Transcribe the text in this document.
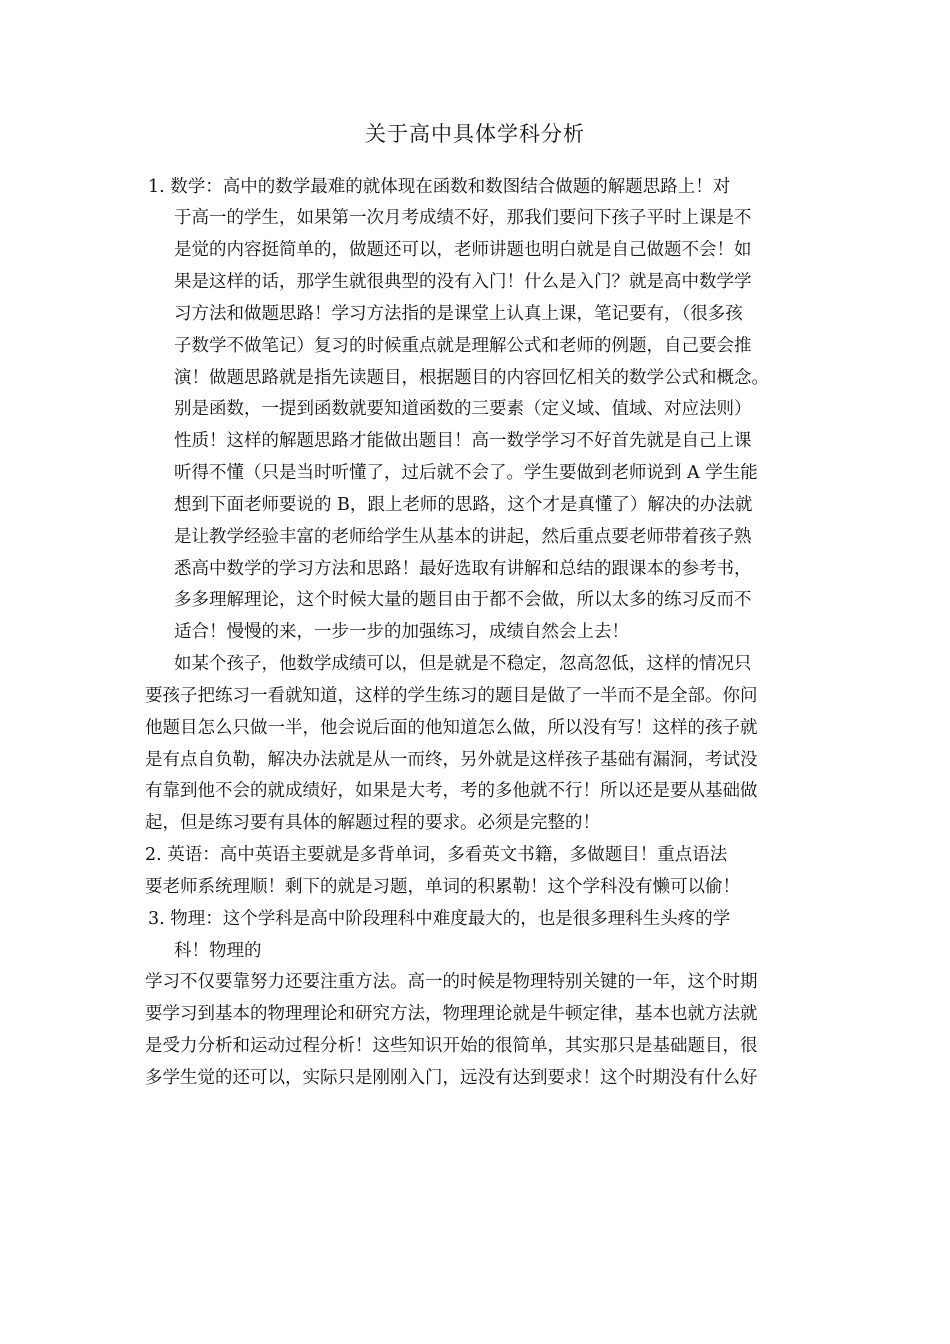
关于高中具体学科分析
1. 数学：高中的数学最难的就体现在函数和数图结合做题的解题思路上！对
于高一的学生，如果第一次月考成绩不好，那我们要问下孩子平时上课是不
是觉的内容挺简单的，做题还可以，老师讲题也明白就是自己做题不会！如
果是这样的话，那学生就很典型的没有入门！什么是入门？就是高中数学学
习方法和做题思路！学习方法指的是课堂上认真上课，笔记要有，（很多孩
子数学不做笔记）复习的时候重点就是理解公式和老师的例题，自己要会推
演！做题思路就是指先读题目，根据题目的内容回忆相关的数学公式和概念。
别是函数，一提到函数就要知道函数的三要素（定义域、值域、对应法则）
性质！这样的解题思路才能做出题目！高一数学学习不好首先就是自己上课
听得不懂（只是当时听懂了，过后就不会了。学生要做到老师说到 A 学生能
想到下面老师要说的 B，跟上老师的思路，这个才是真懂了）解决的办法就
是让教学经验丰富的老师给学生从基本的讲起，然后重点要老师带着孩子熟
悉高中数学的学习方法和思路！最好选取有讲解和总结的跟课本的参考书，
多多理解理论，这个时候大量的题目由于都不会做，所以太多的练习反而不
适合！慢慢的来，一步一步的加强练习，成绩自然会上去！
如某个孩子，他数学成绩可以，但是就是不稳定，忽高忽低，这样的情况只
要孩子把练习一看就知道，这样的学生练习的题目是做了一半而不是全部。你问
他题目怎么只做一半，他会说后面的他知道怎么做，所以没有写！这样的孩子就
是有点自负勒，解决办法就是从一而终，另外就是这样孩子基础有漏洞，考试没
有靠到他不会的就成绩好，如果是大考，考的多他就不行！所以还是要从基础做
起，但是练习要有具体的解题过程的要求。必须是完整的！
2. 英语：高中英语主要就是多背单词，多看英文书籍，多做题目！重点语法
要老师系统理顺！剩下的就是习题，单词的积累勒！这个学科没有懒可以偷！
3. 物理：这个学科是高中阶段理科中难度最大的，也是很多理科生头疼的学
科！物理的
学习不仅要靠努力还要注重方法。高一的时候是物理特别关键的一年，这个时期
要学习到基本的物理理论和研究方法，物理理论就是牛顿定律，基本也就方法就
是受力分析和运动过程分析！这些知识开始的很简单，其实那只是基础题目，很
多学生觉的还可以，实际只是刚刚入门，远没有达到要求！这个时期没有什么好
